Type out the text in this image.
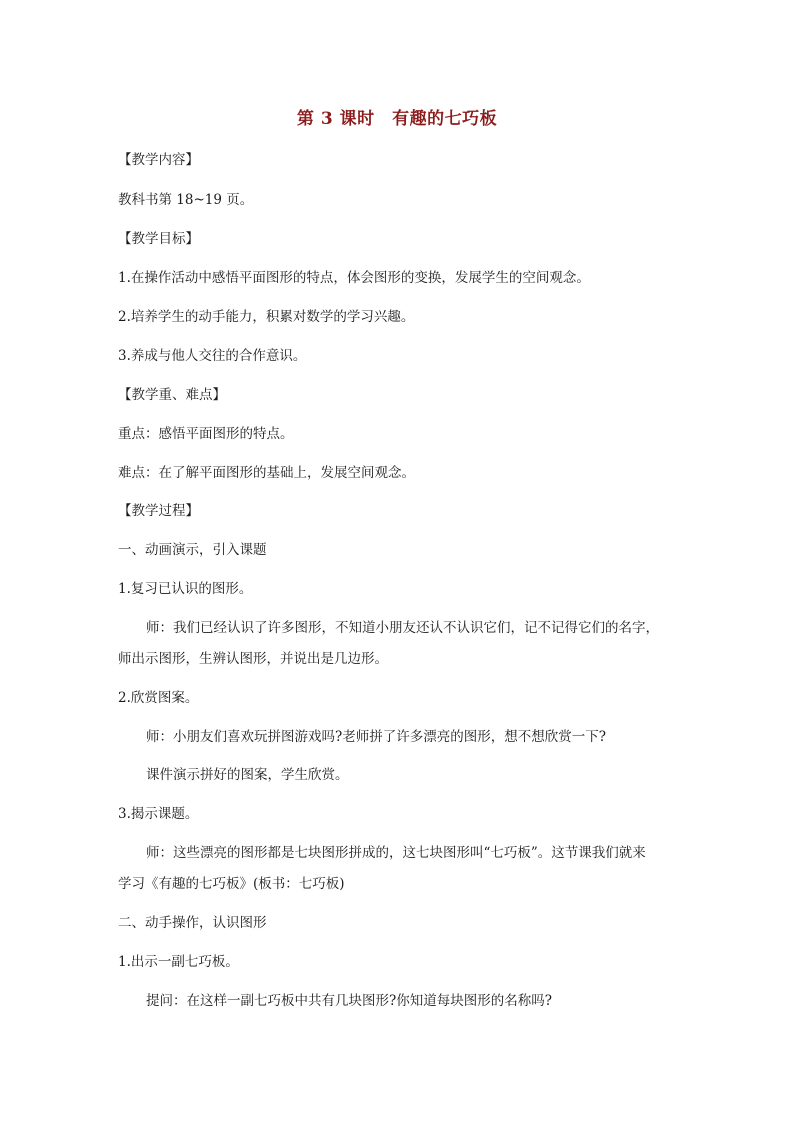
第 3 课时　有趣的七巧板
【教学内容】
教科书第 18~19 页。
【教学目标】
1.在操作活动中感悟平面图形的特点，体会图形的变换，发展学生的空间观念。
2.培养学生的动手能力，积累对数学的学习兴趣。
3.养成与他人交往的合作意识。
【教学重、难点】
重点：感悟平面图形的特点。
难点：在了解平面图形的基础上，发展空间观念。
【教学过程】
一、动画演示，引入课题
1.复习已认识的图形。
师：我们已经认识了许多图形，不知道小朋友还认不认识它们，记不记得它们的名字，
师出示图形，生辨认图形，并说出是几边形。
2.欣赏图案。
师：小朋友们喜欢玩拼图游戏吗?老师拼了许多漂亮的图形，想不想欣赏一下?
课件演示拼好的图案，学生欣赏。
3.揭示课题。
师：这些漂亮的图形都是七块图形拼成的，这七块图形叫“七巧板”。这节课我们就来
学习《有趣的七巧板》(板书：七巧板)
二、动手操作，认识图形
1.出示一副七巧板。
提问：在这样一副七巧板中共有几块图形?你知道每块图形的名称吗?
